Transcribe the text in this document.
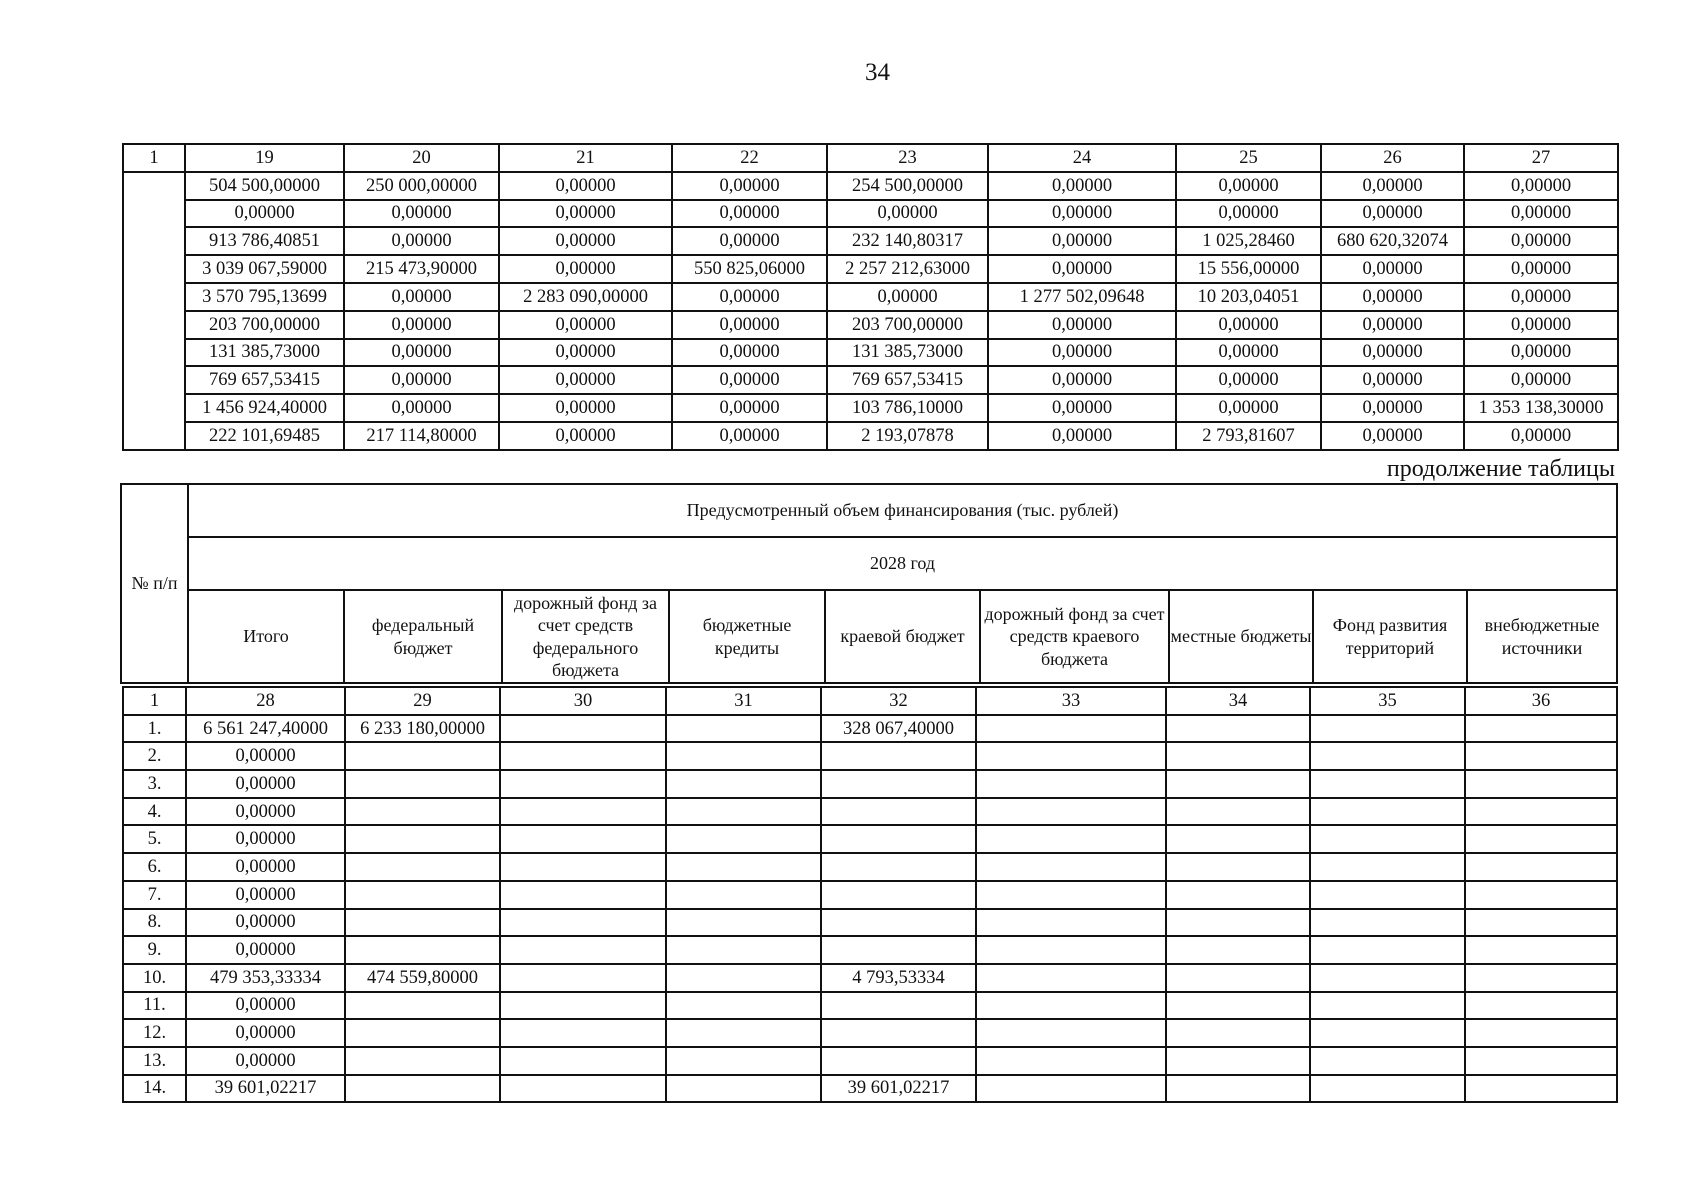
34
1	19	20	21	22	23	24	25	26	27
	504 500,00000	250 000,00000	0,00000	0,00000	254 500,00000	0,00000	0,00000	0,00000	0,00000
	0,00000	0,00000	0,00000	0,00000	0,00000	0,00000	0,00000	0,00000	0,00000
	913 786,40851	0,00000	0,00000	0,00000	232 140,80317	0,00000	1 025,28460	680 620,32074	0,00000
	3 039 067,59000	215 473,90000	0,00000	550 825,06000	2 257 212,63000	0,00000	15 556,00000	0,00000	0,00000
	3 570 795,13699	0,00000	2 283 090,00000	0,00000	0,00000	1 277 502,09648	10 203,04051	0,00000	0,00000
	203 700,00000	0,00000	0,00000	0,00000	203 700,00000	0,00000	0,00000	0,00000	0,00000
	131 385,73000	0,00000	0,00000	0,00000	131 385,73000	0,00000	0,00000	0,00000	0,00000
	769 657,53415	0,00000	0,00000	0,00000	769 657,53415	0,00000	0,00000	0,00000	0,00000
	1 456 924,40000	0,00000	0,00000	0,00000	103 786,10000	0,00000	0,00000	0,00000	1 353 138,30000
	222 101,69485	217 114,80000	0,00000	0,00000	2 193,07878	0,00000	2 793,81607	0,00000	0,00000
продолжение таблицы
№ п/п	Предусмотренный объем финансирования (тыс. рублей)								
	2028 год								
	Итого	федеральный бюджет	дорожный фонд за счет средств федерального бюджета	бюджетные кредиты	краевой бюджет	дорожный фонд за счет средств краевого бюджета	местные бюджеты	Фонд развития территорий	внебюджетные источники
1	28	29	30	31	32	33	34	35	36
1.	6 561 247,40000	6 233 180,00000			328 067,40000				
2.	0,00000								
3.	0,00000								
4.	0,00000								
5.	0,00000								
6.	0,00000								
7.	0,00000								
8.	0,00000								
9.	0,00000								
10.	479 353,33334	474 559,80000			4 793,53334				
11.	0,00000								
12.	0,00000								
13.	0,00000								
14.	39 601,02217				39 601,02217				
